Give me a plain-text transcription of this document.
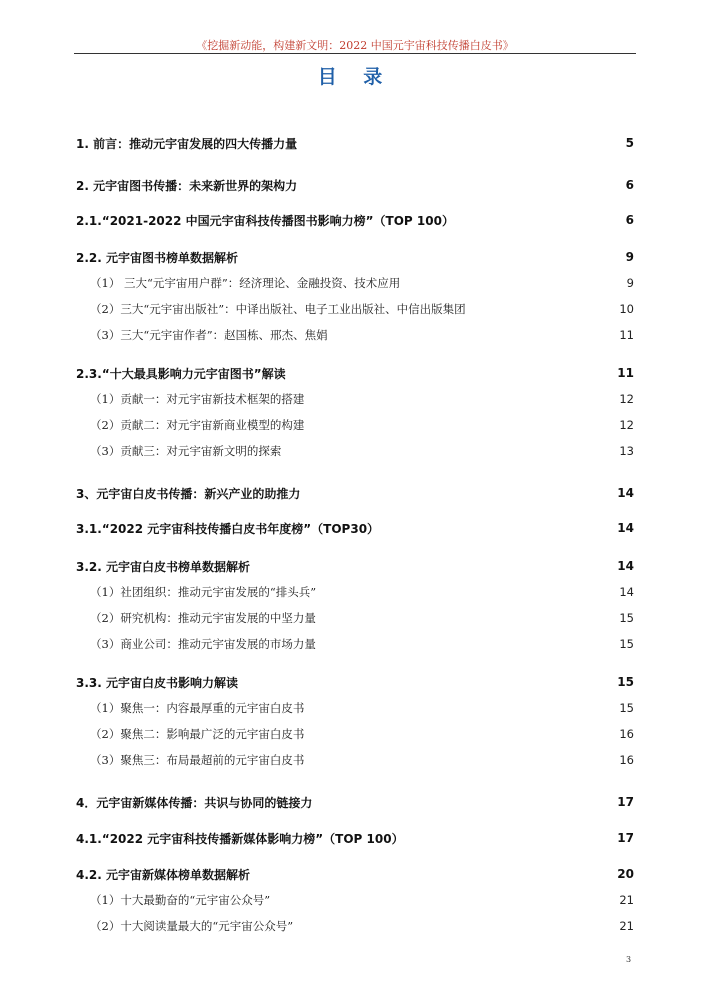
《挖掘新动能，构建新文明：2022 中国元宇宙科技传播白皮书》
目 录
1. 前言：推动元宇宙发展的四大传播力量	5
2. 元宇宙图书传播：未来新世界的架构力	6
2.1.“2021-2022 中国元宇宙科技传播图书影响力榜”（TOP 100）	6
2.2. 元宇宙图书榜单数据解析	9
（1） 三大“元宇宙用户群”：经济理论、金融投资、技术应用	9
（2）三大“元宇宙出版社”：中译出版社、电子工业出版社、中信出版集团	10
（3）三大“元宇宙作者”：赵国栋、邢杰、焦娟	11
2.3.“十大最具影响力元宇宙图书”解读	11
（1）贡献一：对元宇宙新技术框架的搭建	12
（2）贡献二：对元宇宙新商业模型的构建	12
（3）贡献三：对元宇宙新文明的探索	13
3、元宇宙白皮书传播：新兴产业的助推力	14
3.1.“2022 元宇宙科技传播白皮书年度榜”（TOP30）	14
3.2. 元宇宙白皮书榜单数据解析	14
（1）社团组织：推动元宇宙发展的“排头兵”	14
（2）研究机构：推动元宇宙发展的中坚力量	15
（3）商业公司：推动元宇宙发展的市场力量	15
3.3. 元宇宙白皮书影响力解读	15
（1）聚焦一：内容最厚重的元宇宙白皮书	15
（2）聚焦二：影响最广泛的元宇宙白皮书	16
（3）聚焦三：布局最超前的元宇宙白皮书	16
4．元宇宙新媒体传播：共识与协同的链接力	17
4.1.“2022 元宇宙科技传播新媒体影响力榜”（TOP 100）	17
4.2. 元宇宙新媒体榜单数据解析	20
（1）十大最勤奋的“元宇宙公众号”	21
（2）十大阅读量最大的“元宇宙公众号”	21
3
